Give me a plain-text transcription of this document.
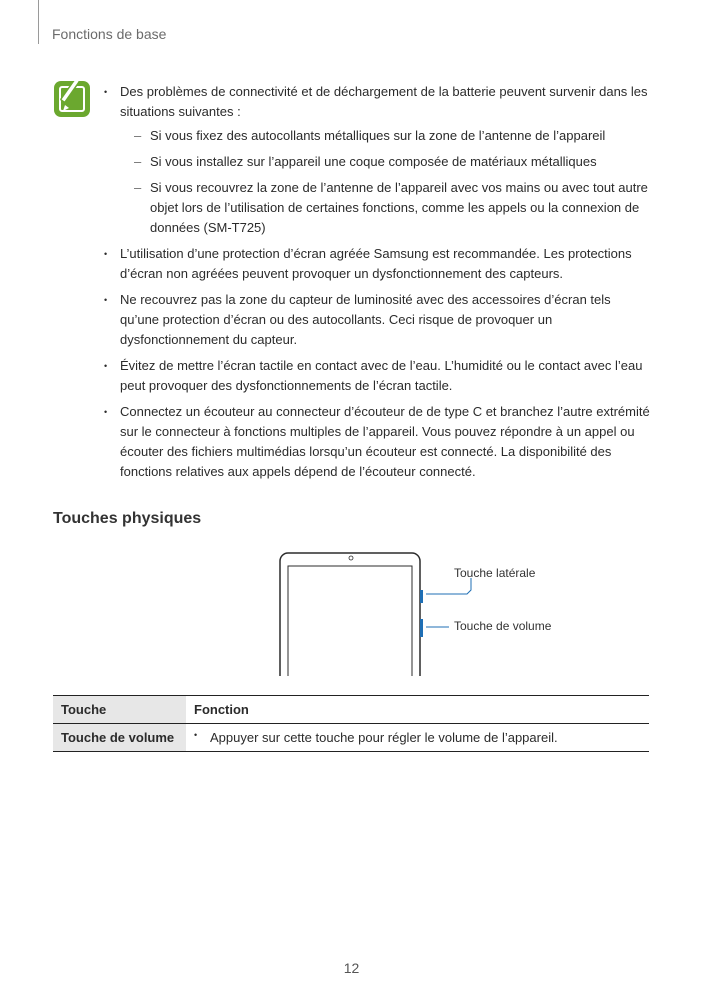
Fonctions de base
• Des problèmes de connectivité et de déchargement de la batterie peuvent survenir dans les situations suivantes :
– Si vous fixez des autocollants métalliques sur la zone de l’antenne de l’appareil
– Si vous installez sur l’appareil une coque composée de matériaux métalliques
– Si vous recouvrez la zone de l’antenne de l’appareil avec vos mains ou avec tout autre objet lors de l’utilisation de certaines fonctions, comme les appels ou la connexion de données (SM-T725)
• L’utilisation d’une protection d’écran agréée Samsung est recommandée. Les protections d’écran non agréées peuvent provoquer un dysfonctionnement des capteurs.
• Ne recouvrez pas la zone du capteur de luminosité avec des accessoires d’écran tels qu’une protection d’écran ou des autocollants. Ceci risque de provoquer un dysfonctionnement du capteur.
• Évitez de mettre l’écran tactile en contact avec de l’eau. L’humidité ou le contact avec l’eau peut provoquer des dysfonctionnements de l’écran tactile.
• Connectez un écouteur au connecteur d’écouteur de de type C et branchez l’autre extrémité sur le connecteur à fonctions multiples de l’appareil. Vous pouvez répondre à un appel ou écouter des fichiers multimédias lorsqu’un écouteur est connecté. La disponibilité des fonctions relatives aux appels dépend de l’écouteur connecté.
Touches physiques
Touche latérale
Touche de volume
Touche	Fonction
Touche de volume	• Appuyer sur cette touche pour régler le volume de l’appareil.
12
